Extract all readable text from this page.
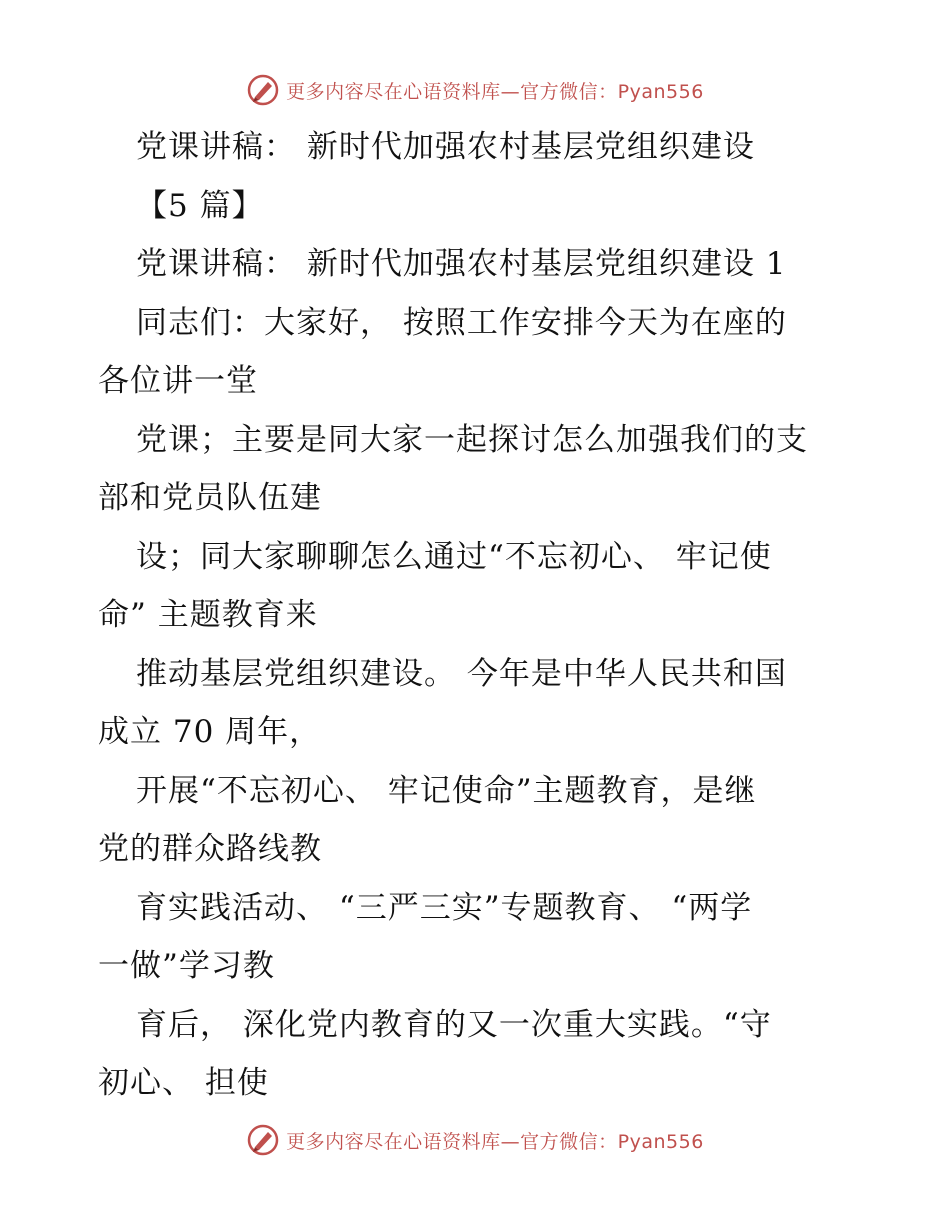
更多内容尽在心语资料库—官方微信：Pyan556
党课讲稿： 新时代加强农村基层党组织建设
【5 篇】
党课讲稿： 新时代加强农村基层党组织建设 1
同志们：大家好， 按照工作安排今天为在座的
各位讲一堂
党课；主要是同大家一起探讨怎么加强我们的支
部和党员队伍建
设；同大家聊聊怎么通过“不忘初心、 牢记使
命” 主题教育来
推动基层党组织建设。 今年是中华人民共和国
成立 70 周年，
开展“不忘初心、 牢记使命”主题教育，是继
党的群众路线教
育实践活动、 “三严三实”专题教育、 “两学
一做”学习教
育后， 深化党内教育的又一次重大实践。“守
初心、 担使
更多内容尽在心语资料库—官方微信：Pyan556
